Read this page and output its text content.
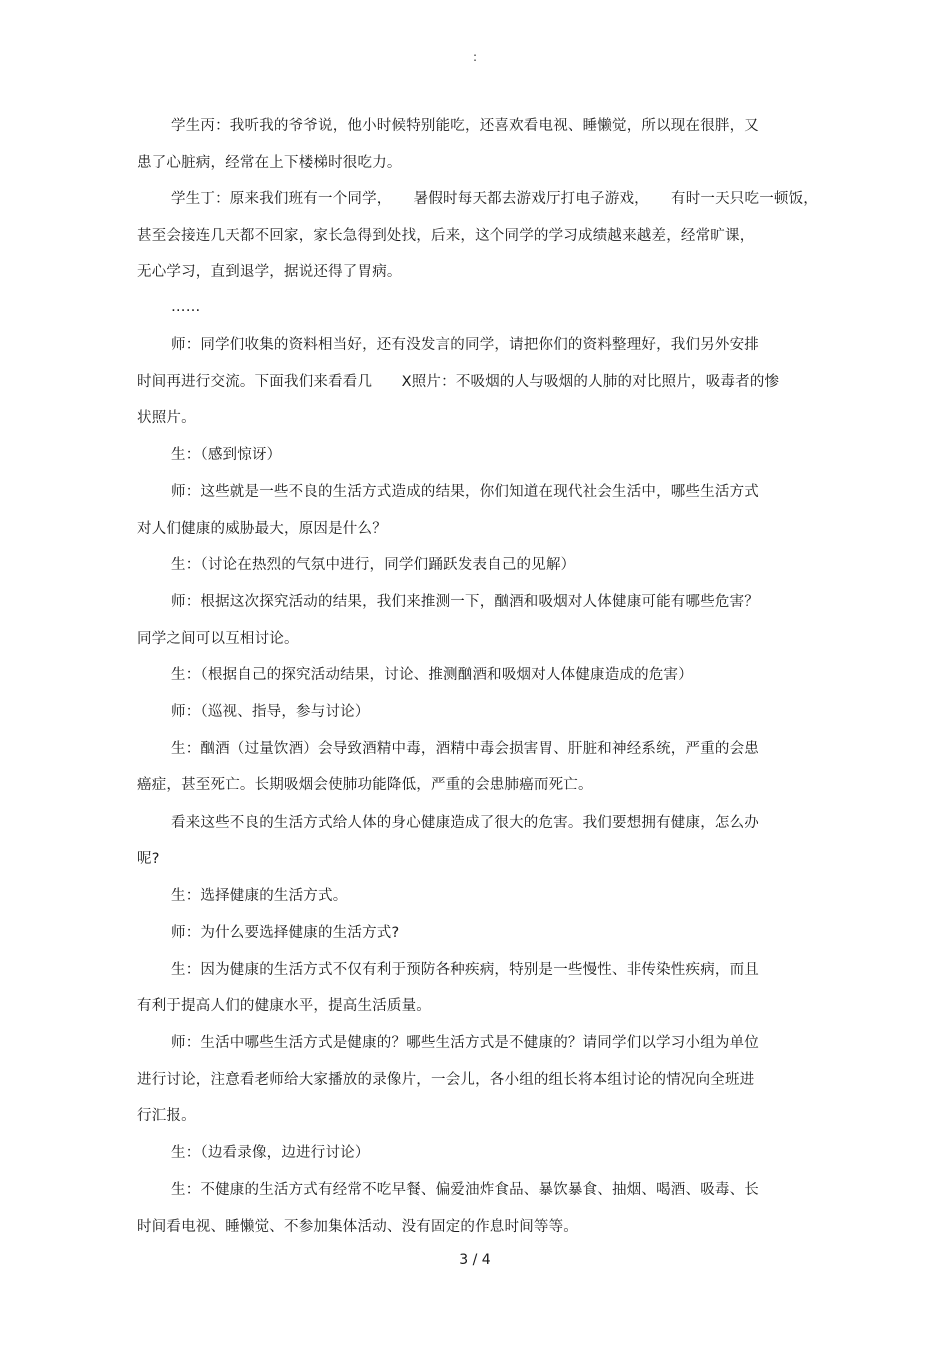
:
学生丙：我听我的爷爷说，他小时候特别能吃，还喜欢看电视、睡懒觉，所以现在很胖，又
患了心脏病，经常在上下楼梯时很吃力。
学生丁：原来我们班有一个同学，　　暑假时每天都去游戏厅打电子游戏，　　有时一天只吃一顿饭，
甚至会接连几天都不回家，家长急得到处找，后来，这个同学的学习成绩越来越差，经常旷课，
无心学习，直到退学，据说还得了胃病。
……
师：同学们收集的资料相当好，还有没发言的同学，请把你们的资料整理好，我们另外安排
时间再进行交流。下面我们来看看几　　X照片：不吸烟的人与吸烟的人肺的对比照片，吸毒者的惨
状照片。
生：（感到惊讶）
师：这些就是一些不良的生活方式造成的结果，你们知道在现代社会生活中，哪些生活方式
对人们健康的威胁最大，原因是什么？
生：（讨论在热烈的气氛中进行，同学们踊跃发表自己的见解）
师：根据这次探究活动的结果，我们来推测一下，酗酒和吸烟对人体健康可能有哪些危害？
同学之间可以互相讨论。
生：（根据自己的探究活动结果，讨论、推测酗酒和吸烟对人体健康造成的危害）
师：（巡视、指导，参与讨论）
生：酗酒（过量饮酒）会导致酒精中毒，酒精中毒会损害胃、肝脏和神经系统，严重的会患
癌症，甚至死亡。长期吸烟会使肺功能降低，严重的会患肺癌而死亡。
看来这些不良的生活方式给人体的身心健康造成了很大的危害。我们要想拥有健康，怎么办
呢?
生：选择健康的生活方式。
师：为什么要选择健康的生活方式?
生：因为健康的生活方式不仅有利于预防各种疾病，特别是一些慢性、非传染性疾病，而且
有利于提高人们的健康水平，提高生活质量。
师：生活中哪些生活方式是健康的？哪些生活方式是不健康的？请同学们以学习小组为单位
进行讨论，注意看老师给大家播放的录像片，一会儿，各小组的组长将本组讨论的情况向全班进
行汇报。
生：（边看录像，边进行讨论）
生：不健康的生活方式有经常不吃早餐、偏爱油炸食品、暴饮暴食、抽烟、喝酒、吸毒、长
时间看电视、睡懒觉、不参加集体活动、没有固定的作息时间等等。
3 / 4
